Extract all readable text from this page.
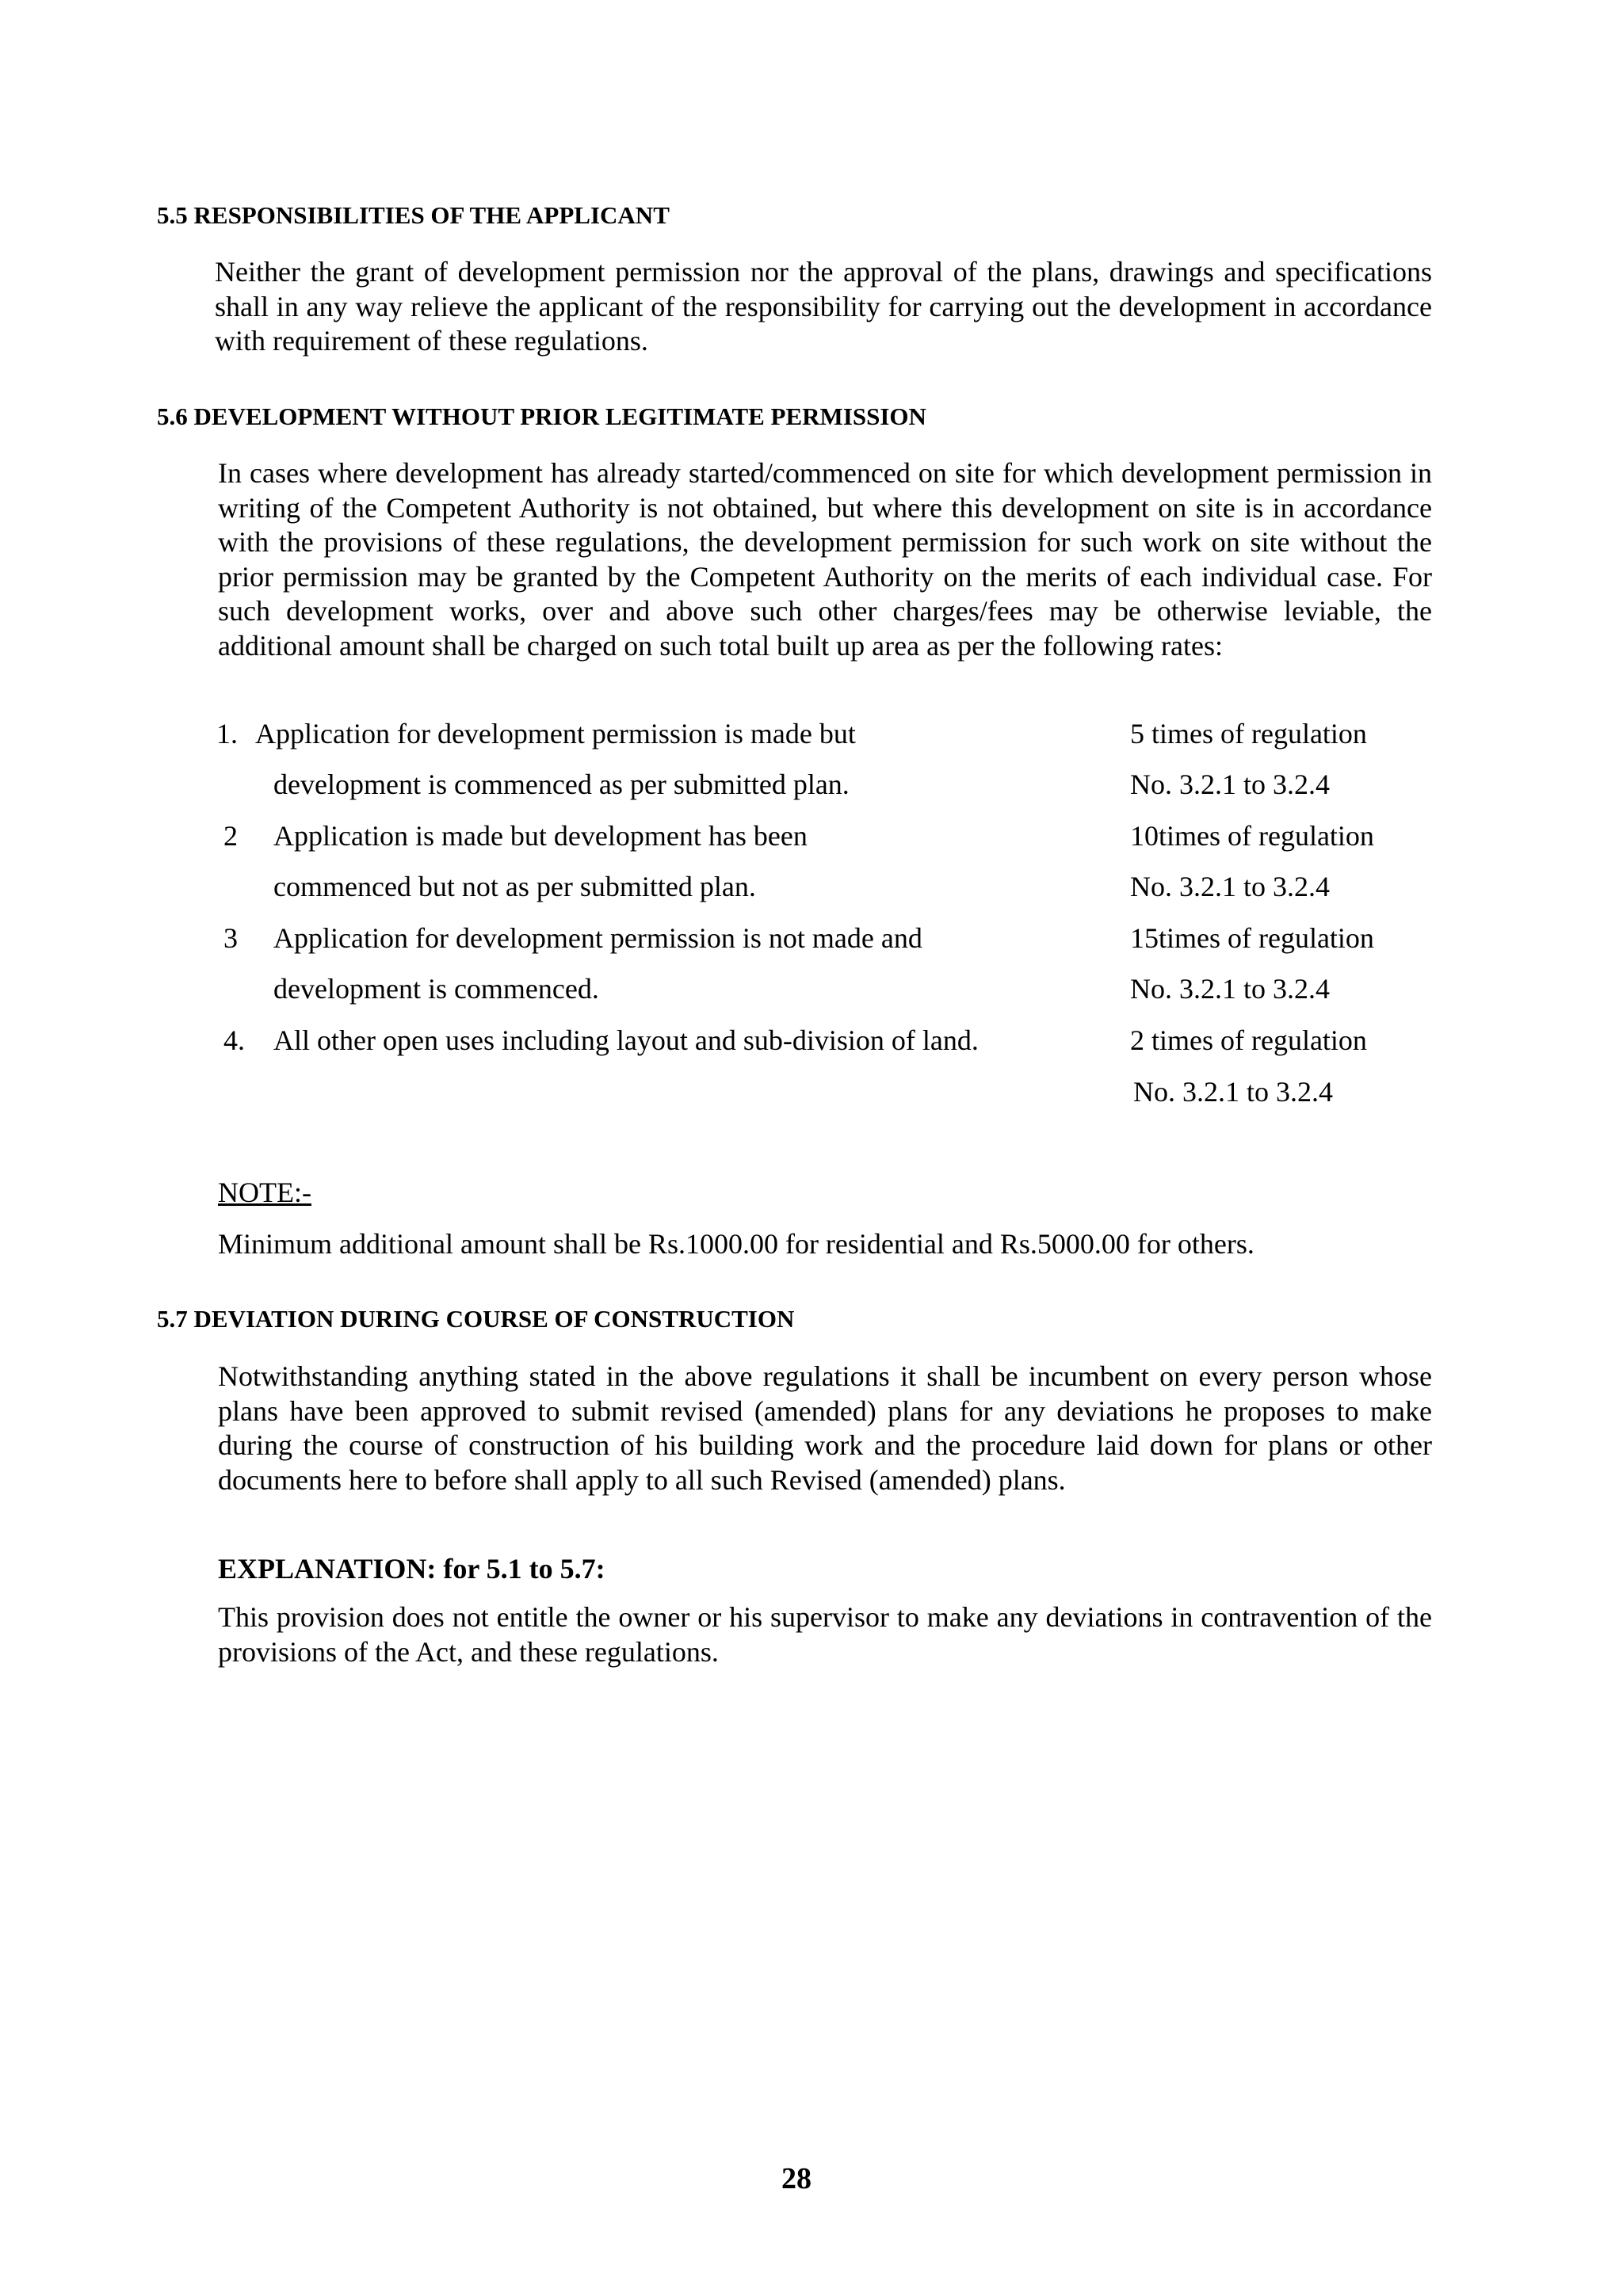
5.5 RESPONSIBILITIES OF THE APPLICANT
Neither the grant of development permission nor the approval of the plans, drawings and specifications shall in any way relieve the applicant of the responsibility for carrying out the development in accordance with requirement of these regulations.
5.6 DEVELOPMENT WITHOUT PRIOR LEGITIMATE PERMISSION
In cases where development has already started/commenced on site for which development permission in writing of the Competent Authority is not obtained, but where this development on site is in accordance with the provisions of these regulations, the development permission for such work on site without the prior permission may be granted by the Competent Authority on the merits of each individual case. For such development works, over and above such other charges/fees may be otherwise leviable, the additional amount shall be charged on such total built up area as per the following rates:
1. Application for development permission is made but
development is commenced as per submitted plan.
5 times of regulation
No. 3.2.1 to 3.2.4
2 Application is made but development has been
commenced but not as per submitted plan.
10times of regulation
No. 3.2.1 to 3.2.4
3 Application for development permission is not made and
development is commenced.
15times of regulation
No. 3.2.1 to 3.2.4
4. All other open uses including layout and sub-division of land.	2 times of regulation
No. 3.2.1 to 3.2.4
NOTE:-
Minimum additional amount shall be Rs.1000.00 for residential and Rs.5000.00 for others.
5.7 DEVIATION DURING COURSE OF CONSTRUCTION
Notwithstanding anything stated in the above regulations it shall be incumbent on every person whose plans have been approved to submit revised (amended) plans for any deviations he proposes to make during the course of construction of his building work and the procedure laid down for plans or other documents here to before shall apply to all such Revised (amended) plans.
EXPLANATION: for 5.1 to 5.7:
This provision does not entitle the owner or his supervisor to make any deviations in contravention of the provisions of the Act, and these regulations.
28
